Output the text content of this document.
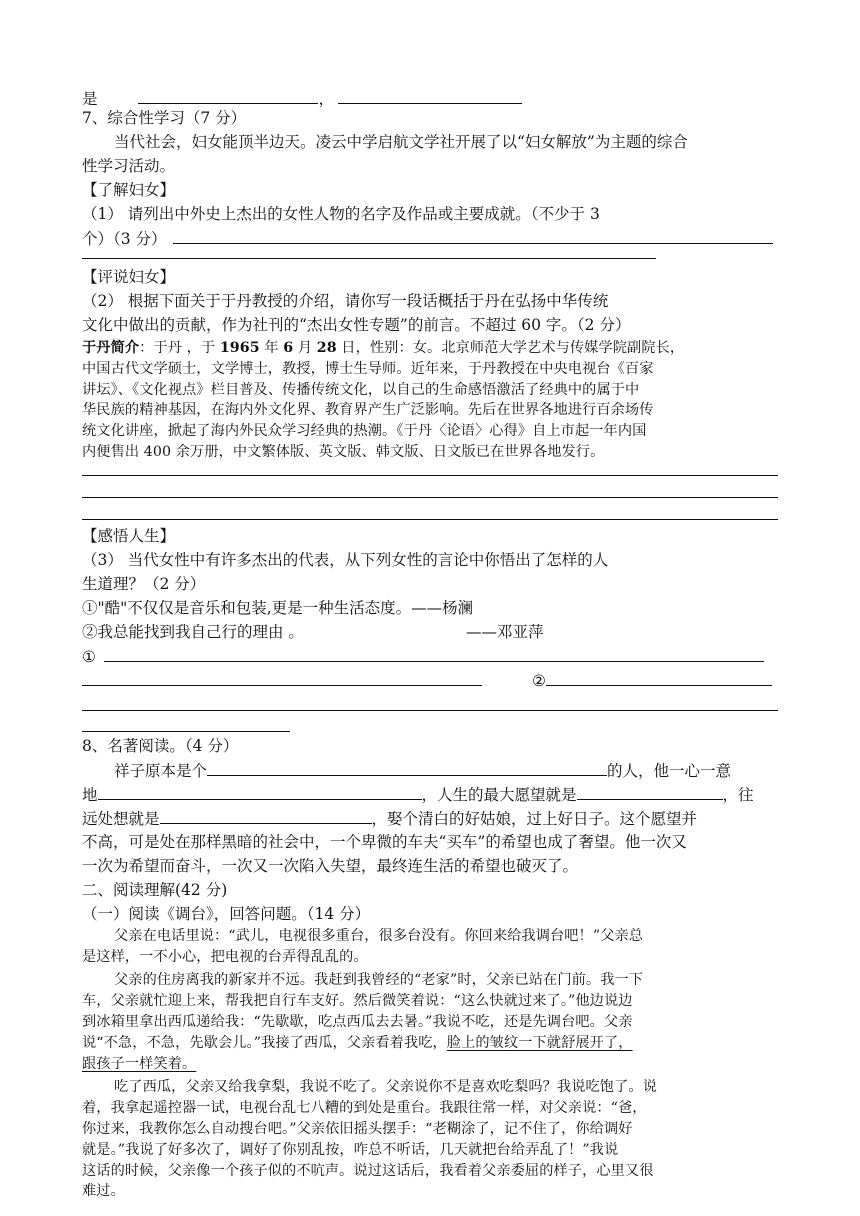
是	，
7、综合性学习（7 分）
当代社会，妇女能顶半边天。凌云中学启航文学社开展了以“妇女解放”为主题的综合
性学习活动。
【了解妇女】
（1） 请列出中外史上杰出的女性人物的名字及作品或主要成就。（不少于 3
个）（3 分）
【评说妇女】
（2） 根据下面关于于丹教授的介绍，请你写一段话概括于丹在弘扬中华传统
文化中做出的贡献，作为社刊的“杰出女性专题”的前言。不超过 60 字。（2 分）
于丹简介：于丹 ，于 1965 年 6 月 28 日，性别：女。北京师范大学艺术与传媒学院副院长，
中国古代文学硕士，文学博士，教授，博士生导师。近年来，于丹教授在中央电视台《百家
讲坛》、《文化视点》栏目普及、传播传统文化，以自己的生命感悟激活了经典中的属于中
华民族的精神基因，在海内外文化界、教育界产生广泛影响。先后在世界各地进行百余场传
统文化讲座，掀起了海内外民众学习经典的热潮。《于丹〈论语〉心得》自上市起一年内国
内便售出 400 余万册，中文繁体版、英文版、韩文版、日文版已在世界各地发行。
【感悟人生】
（3） 当代女性中有许多杰出的代表，从下列女性的言论中你悟出了怎样的人
生道理？（2 分）
①"酷"不仅仅是音乐和包装,更是一种生活态度。——杨澜
②我总能找到我自己行的理由 。	——邓亚萍
①
②
8、名著阅读。（4 分）
祥子原本是个	的人，他一心一意
地	，人生的最大愿望就是	，往
远处想就是	，娶个清白的好姑娘，过上好日子。这个愿望并
不高，可是处在那样黑暗的社会中，一个卑微的车夫“买车”的希望也成了奢望。他一次又
一次为希望而奋斗，一次又一次陷入失望，最终连生活的希望也破灭了。
二、阅读理解(42 分)
（一）阅读《调台》，回答问题。（14 分）
父亲在电话里说：“武儿，电视很多重台，很多台没有。你回来给我调台吧！”父亲总
是这样，一不小心，把电视的台弄得乱乱的。
父亲的住房离我的新家并不远。我赶到我曾经的“老家”时，父亲已站在门前。我一下
车，父亲就忙迎上来，帮我把自行车支好。然后微笑着说：“这么快就过来了。”他边说边
到冰箱里拿出西瓜递给我：“先歇歇，吃点西瓜去去暑。”我说不吃，还是先调台吧。父亲
说“不急，不急，先歇会儿。”我接了西瓜，父亲看着我吃，脸上的皱纹一下就舒展开了，
跟孩子一样笑着。
吃了西瓜，父亲又给我拿梨，我说不吃了。父亲说你不是喜欢吃梨吗？我说吃饱了。说
着，我拿起遥控器一试，电视台乱七八糟的到处是重台。我跟往常一样，对父亲说：“爸，
你过来，我教你怎么自动搜台吧。”父亲依旧摇头摆手：“老糊涂了，记不住了，你给调好
就是。”我说了好多次了，调好了你别乱按，咋总不听话，几天就把台给弄乱了！”我说
这话的时候，父亲像一个孩子似的不吭声。说过这话后，我看着父亲委屈的样子，心里又很
难过。
